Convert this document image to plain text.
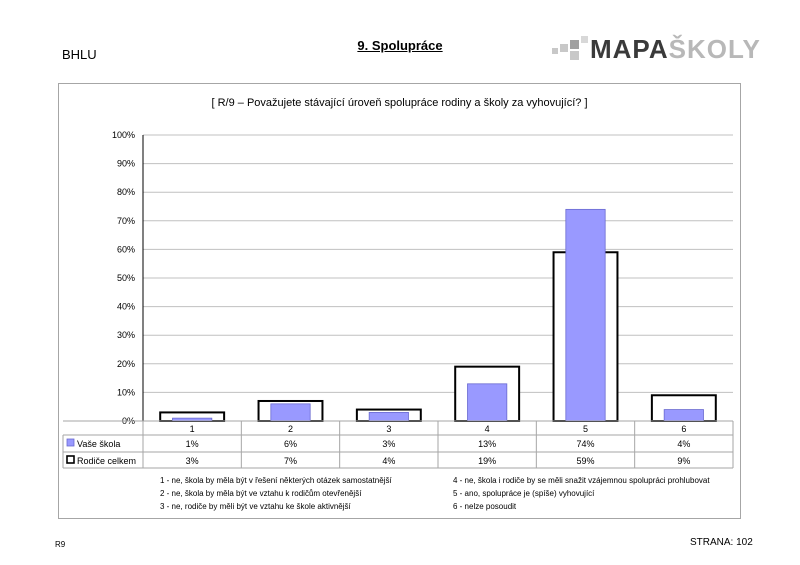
BHLU
9. Spolupráce	MAPAŠKOLY
[ R/9 – Považujete stávající úroveň spolupráce rodiny a školy za vyhovující? ]
100%
90%
80%
70%
60%
50%
40%
30%
20%
10%
0%
1
1%
3%
2
6%
7%
3
3%
4%
4
13%
19%
5
74%
59%
6
4%
9%
Vaše škola
Rodiče celkem
1 - ne, škola by měla být v řešení některých otázek samostatnější
2 - ne, škola by měla být ve vztahu k rodičům otevřenější
3 - ne, rodiče by měli být ve vztahu ke škole aktivnější
4 - ne, škola i rodiče by se měli snažit vzájemnou spolupráci prohlubovat
5 - ano, spolupráce je (spíše) vyhovující
6 - nelze posoudit
R9	STRANA: 102
